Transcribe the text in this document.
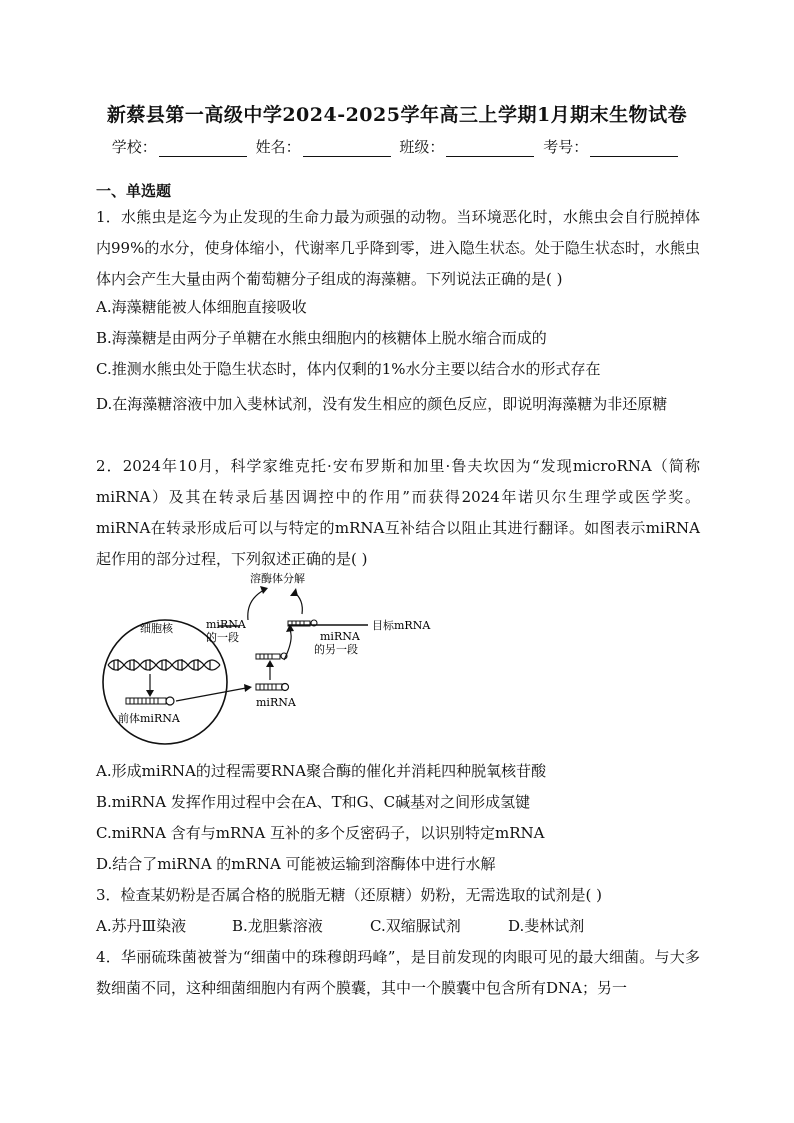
新蔡县第一高级中学2024-2025学年高三上学期1月期末生物试卷
学校：	姓名：	班级：	考号：
一、单选题
1．水熊虫是迄今为止发现的生命力最为顽强的动物。当环境恶化时，水熊虫会自行脱掉体内99%的水分，使身体缩小，代谢率几乎降到零，进入隐生状态。处于隐生状态时，水熊虫体内会产生大量由两个葡萄糖分子组成的海藻糖。下列说法正确的是( )
A.海藻糖能被人体细胞直接吸收
B.海藻糖是由两分子单糖在水熊虫细胞内的核糖体上脱水缩合而成的
C.推测水熊虫处于隐生状态时，体内仅剩的1%水分主要以结合水的形式存在
D.在海藻糖溶液中加入斐林试剂，没有发生相应的颜色反应，即说明海藻糖为非还原糖
2．2024年10月，科学家维克托·安布罗斯和加里·鲁夫坎因为“发现microRNA（简称miRNA）及其在转录后基因调控中的作用”而获得2024年诺贝尔生理学或医学奖。miRNA在转录形成后可以与特定的mRNA互补结合以阻止其进行翻译。如图表示miRNA起作用的部分过程，下列叙述正确的是( )
细胞核
前体miRNA
miRNA
目标mRNA
miRNA
的另一段
miRNA
的一段
溶酶体分解
A.形成miRNA的过程需要RNA聚合酶的催化并消耗四种脱氧核苷酸
B.miRNA 发挥作用过程中会在A、T和G、C碱基对之间形成氢键
C.miRNA 含有与mRNA 互补的多个反密码子，以识别特定mRNA
D.结合了miRNA 的mRNA 可能被运输到溶酶体中进行水解
3．检查某奶粉是否属合格的脱脂无糖（还原糖）奶粉，无需选取的试剂是( )
A.苏丹Ⅲ染液	B.龙胆紫溶液	C.双缩脲试剂	D.斐林试剂
4．华丽硫珠菌被誉为“细菌中的珠穆朗玛峰”，是目前发现的肉眼可见的最大细菌。与大多数细菌不同，这种细菌细胞内有两个膜囊，其中一个膜囊中包含所有DNA；另一
